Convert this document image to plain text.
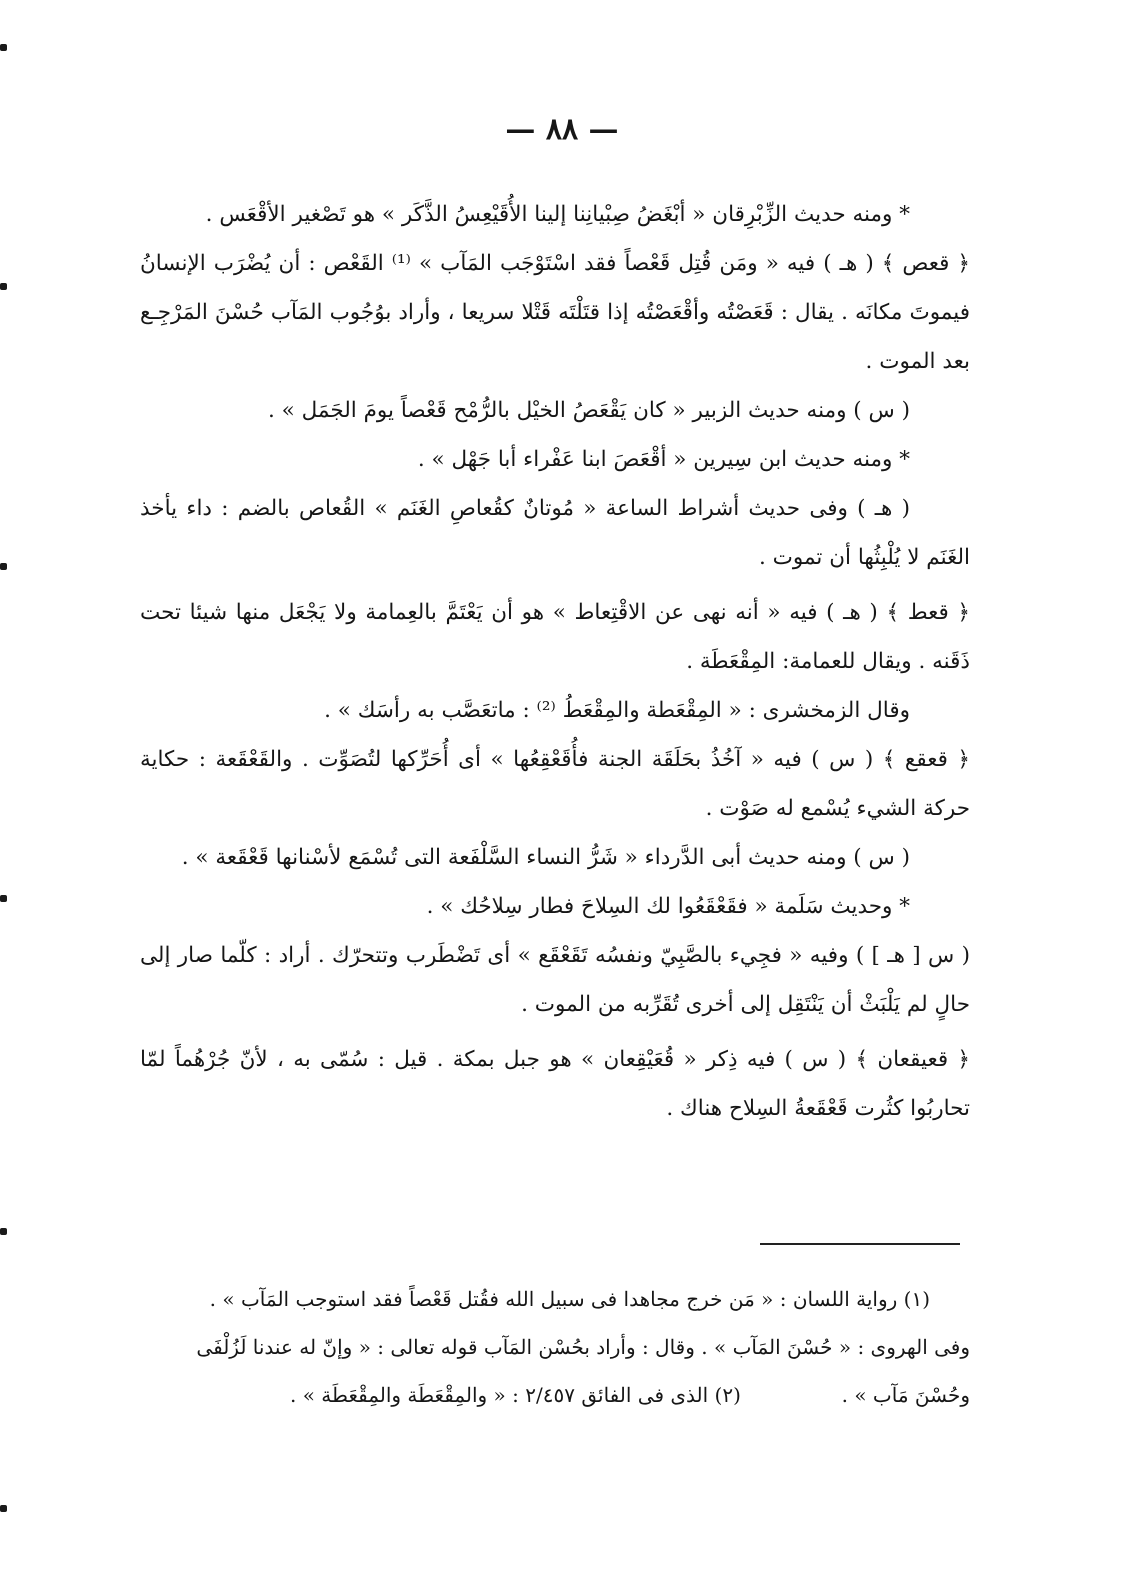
— ٨٨ —

* ومنه حديث الزِّبْرِقان « أبْغَضُ صِبْيانِنا إلينا الأُقَيْعِسُ الذَّكَر » هو تَصْغير الأقْعَس .

﴿ قعص ﴾ ( هـ ) فيه « ومَن قُتِل قَعْصاً فقد اسْتَوْجَب المَآب » ⁽¹⁾ القَعْص : أن يُضْرَب الإنسانُ فيموتَ مكانَه . يقال : قَعَصْتُه وأقْعَصْتُه إذا قتَلْتَه قَتْلا سريعا ، وأراد بوُجُوب المَآب حُسْنَ المَرْجِـع بعد الموت .

( س ) ومنه حديث الزبير « كان يَقْعَصُ الخيْل بالرُّمْح قَعْصاً يومَ الجَمَل » .

* ومنه حديث ابن سِيرين « أقْعَصَ ابنا عَفْراء أبا جَهْل » .

( هـ ) وفى حديث أشراط الساعة « مُوتانٌ كقُعاصِ الغَنَم » القُعاص بالضم : داء يأخذ الغَنَم لا يُلْبِثُها أن تموت .

﴿ قعط ﴾ ( هـ ) فيه « أنه نهى عن الاقْتِعاط » هو أن يَعْتَمَّ بالعِمامة ولا يَجْعَل منها شيئا تحت ذَقَنه . ويقال للعمامة: المِقْعَطَة .

وقال الزمخشرى : « المِقْعَطة والمِقْعَطُ ⁽²⁾ : ماتعَصَّب به رأسَك » .

﴿ قعقع ﴾ ( س ) فيه « آخُذُ بحَلَقَة الجنة فأُقَعْقِعُها » أى أُحَرِّكها لتُصَوِّت . والقَعْقَعة : حكاية حركة الشيء يُسْمع له صَوْت .

( س ) ومنه حديث أبى الدَّرداء « شَرُّ النساء السَّلْفَعة التى تُسْمَع لأسْنانها قَعْقَعة » .

* وحديث سَلَمة « فقَعْقَعُوا لك السِلاحَ فطار سِلاحُك » .

( س [ هـ ] ) وفيه « فجِيء بالصَّبِيّ ونفسُه تَقَعْقَع » أى تَضْطَرب وتتحرّك . أراد : كلّما صار إلى حالٍ لم يَلْبَثْ أن يَنْتَقِل إلى أخرى تُقَرِّبه من الموت .

﴿ قعيقعان ﴾ ( س ) فيه ذِكر « قُعَيْقِعان » هو جبل بمكة . قيل : سُمّى به ، لأنّ جُرْهُماً لمّا تحاربُوا كثُرت قَعْقَعةُ السِلاح هناك .

(١) رواية اللسان : « مَن خرج مجاهدا فى سبيل الله فقُتل قَعْصاً فقد استوجب المَآب » .

وفى الهروى : « حُسْنَ المَآب » . وقال : وأراد بحُسْن المَآب قوله تعالى : « وإنّ له عندنا لَزُلْفَى

وحُسْنَ مَآب » .
(٢) الذى فى الفائق ٢/٤٥٧ : « والمِقْعَطَة والمِقْعَطَة » .
